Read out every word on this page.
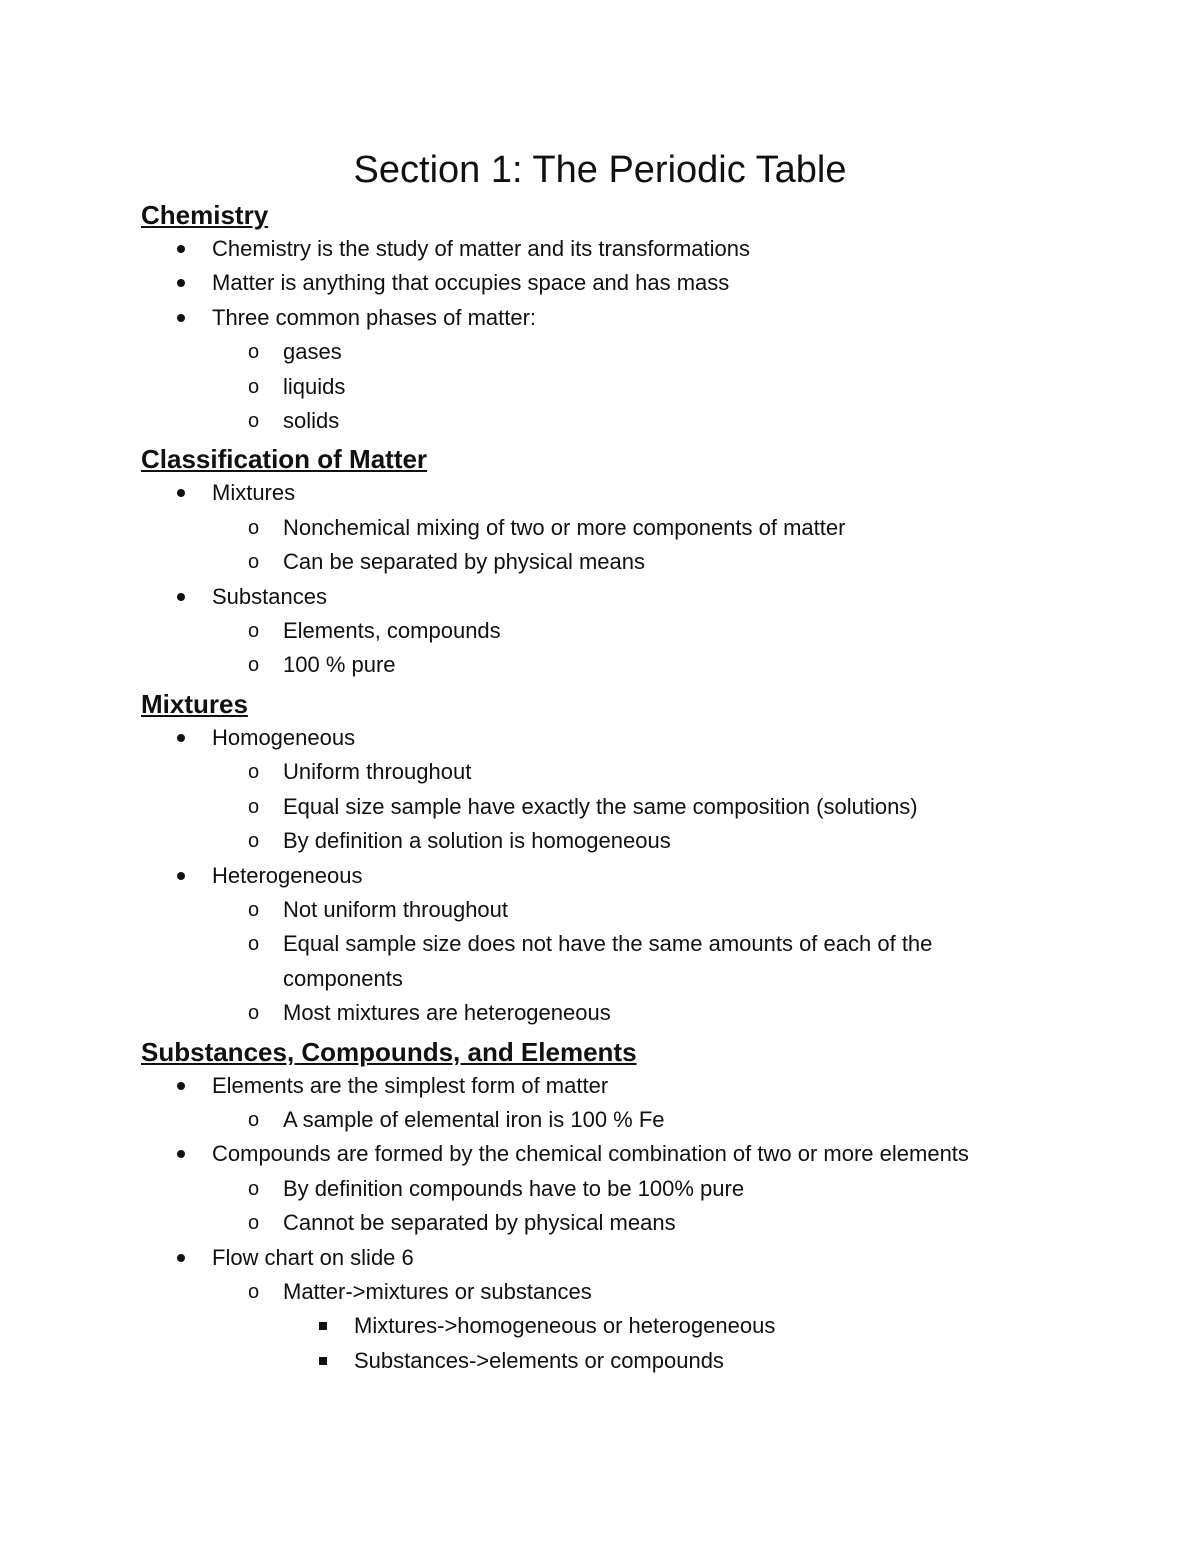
Section 1: The Periodic Table
Chemistry
Chemistry is the study of matter and its transformations
Matter is anything that occupies space and has mass
Three common phases of matter:
o
gases
o
liquids
o
solids
Classification of Matter
Mixtures
o
Nonchemical mixing of two or more components of matter
o
Can be separated by physical means
Substances
o
Elements, compounds
o
100 % pure
Mixtures
Homogeneous
o
Uniform throughout
o
Equal size sample have exactly the same composition (solutions)
o
By definition a solution is homogeneous
Heterogeneous
o
Not uniform throughout
o
Equal sample size does not have the same amounts of each of the components
o
Most mixtures are heterogeneous
Substances, Compounds, and Elements
Elements are the simplest form of matter
o
A sample of elemental iron is 100 % Fe
Compounds are formed by the chemical combination of two or more elements
o
By definition compounds have to be 100% pure
o
Cannot be separated by physical means
Flow chart on slide 6
o
Matter->mixtures or substances
Mixtures->homogeneous or heterogeneous
Substances->elements or compounds
